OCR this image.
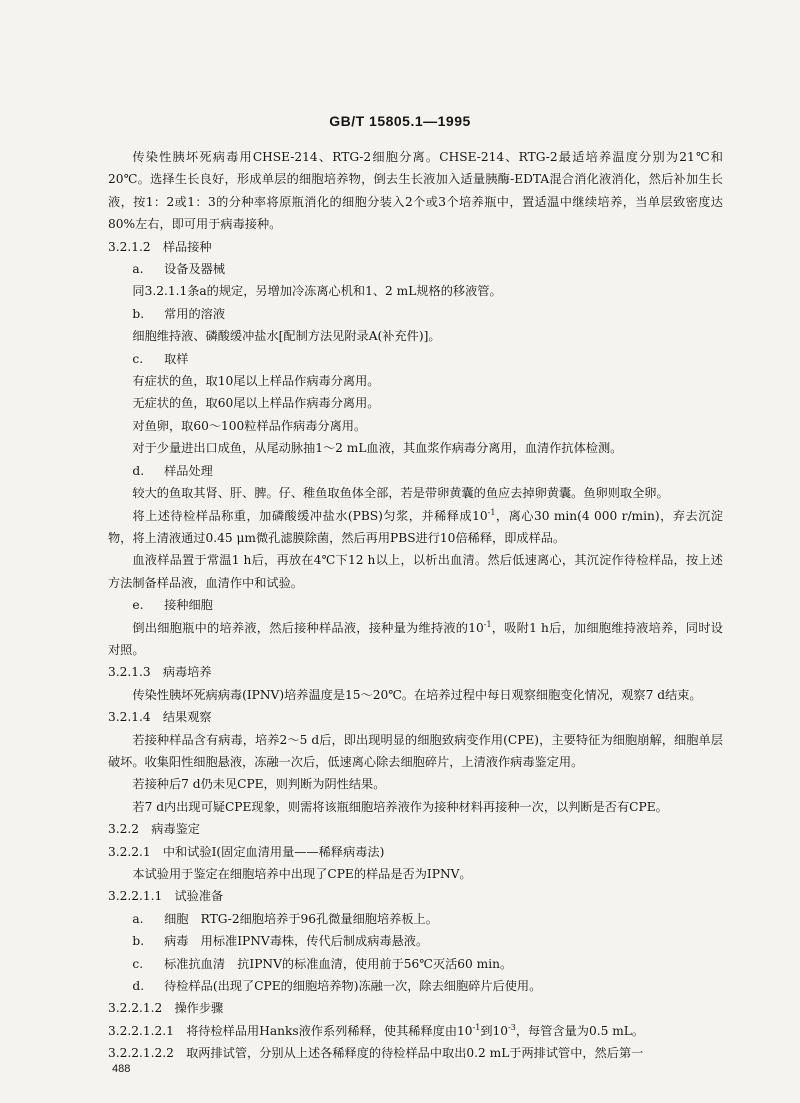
GB/T 15805.1—1995

传染性胰坏死病毒用CHSE-214、RTG-2细胞分离。CHSE-214、RTG-2最适培养温度分别为21℃和20℃。选择生长良好，形成单层的细胞培养物，倒去生长液加入适量胰酶-EDTA混合消化液消化，然后补加生长液，按1：2或1：3的分种率将原瓶消化的细胞分装入2个或3个培养瓶中，置适温中继续培养，当单层致密度达80%左右，即可用于病毒接种。

3.2.1.2　样品接种

a. 设备及器械

同3.2.1.1条a的规定，另增加冷冻离心机和1、2 mL规格的移液管。

b. 常用的溶液

细胞维持液、磷酸缓冲盐水[配制方法见附录A(补充件)]。

c. 取样

有症状的鱼，取10尾以上样品作病毒分离用。

无症状的鱼，取60尾以上样品作病毒分离用。

对鱼卵，取60～100粒样品作病毒分离用。

对于少量进出口成鱼，从尾动脉抽1～2 mL血液，其血浆作病毒分离用，血清作抗体检测。

d. 样品处理

较大的鱼取其肾、肝、脾。仔、稚鱼取鱼体全部，若是带卵黄囊的鱼应去掉卵黄囊。鱼卵则取全卵。

将上述待检样品称重，加磷酸缓冲盐水(PBS)匀浆，并稀释成$10^{-1}$，离心30 min(4 000 r/min)，弃去沉淀物，将上清液通过0.45 μm微孔滤膜除菌，然后再用PBS进行10倍稀释，即成样品。

血液样品置于常温1 h后，再放在4℃下12 h以上，以析出血清。然后低速离心，其沉淀作待检样品，按上述方法制备样品液，血清作中和试验。

e. 接种细胞

倒出细胞瓶中的培养液，然后接种样品液，接种量为维持液的$10^{-1}$，吸附1 h后，加细胞维持液培养，同时设对照。

3.2.1.3　病毒培养

传染性胰坏死病病毒(IPNV)培养温度是15～20℃。在培养过程中每日观察细胞变化情况，观察7 d结束。

3.2.1.4　结果观察

若接种样品含有病毒，培养2～5 d后，即出现明显的细胞致病变作用(CPE)，主要特征为细胞崩解，细胞单层破坏。收集阳性细胞悬液，冻融一次后，低速离心除去细胞碎片，上清液作病毒鉴定用。

若接种后7 d仍未见CPE，则判断为阴性结果。

若7 d内出现可疑CPE现象，则需将该瓶细胞培养液作为接种材料再接种一次，以判断是否有CPE。

3.2.2　病毒鉴定

3.2.2.1　中和试验Ⅰ(固定血清用量——稀释病毒法)

本试验用于鉴定在细胞培养中出现了CPE的样品是否为IPNV。

3.2.2.1.1　试验准备

a. 细胞　RTG-2细胞培养于96孔微量细胞培养板上。

b. 病毒　用标准IPNV毒株，传代后制成病毒悬液。

c. 标准抗血清　抗IPNV的标准血清，使用前于56℃灭活60 min。

d. 待检样品(出现了CPE的细胞培养物)冻融一次，除去细胞碎片后使用。

3.2.2.1.2　操作步骤

3.2.2.1.2.1　 将待检样品用Hanks液作系列稀释，使其稀释度由$10^{-1}$到$10^{-3}$，每管含量为0.5 mL。

3.2.2.1.2.2　 取两排试管，分别从上述各稀释度的待检样品中取出0.2 mL于两排试管中，然后第一

488
